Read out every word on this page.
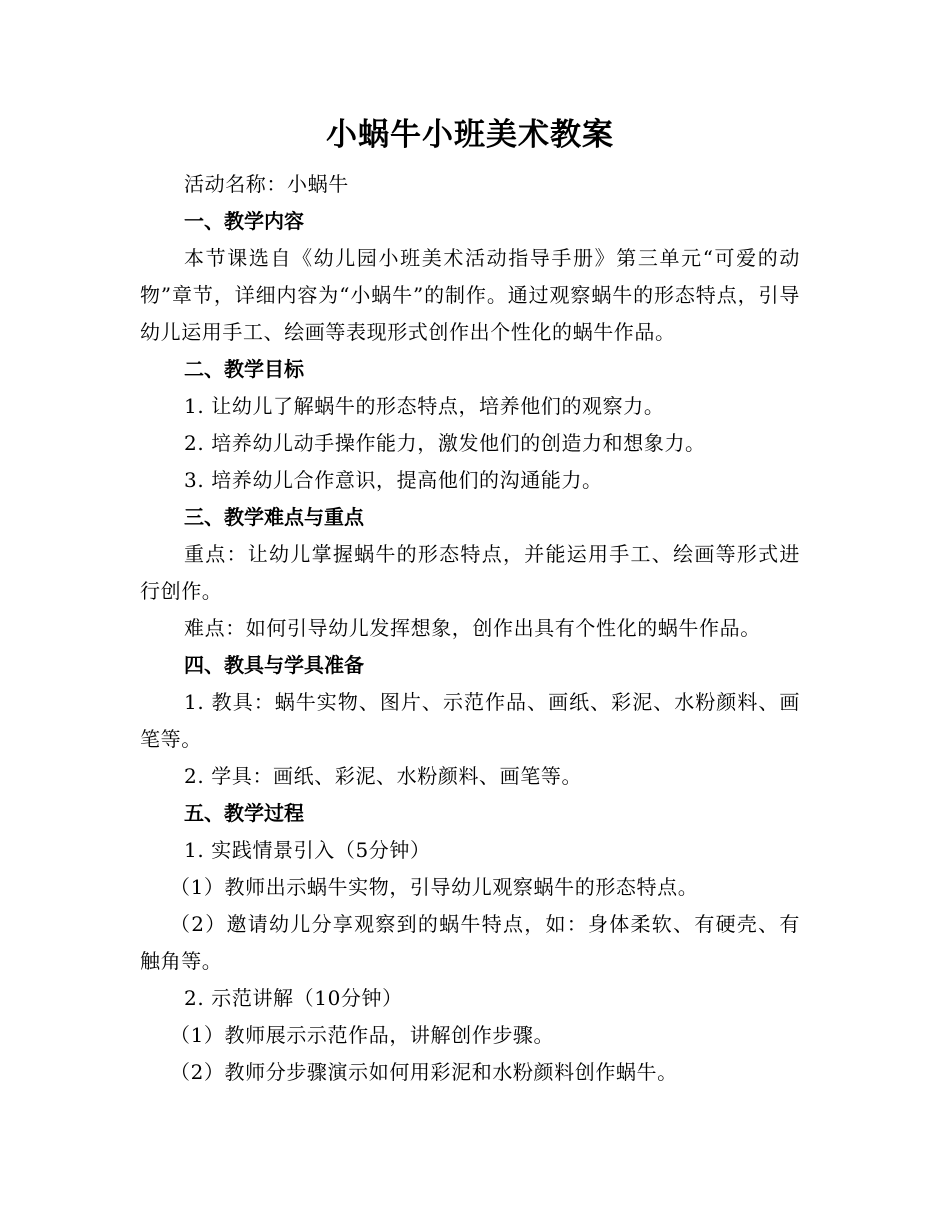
小蜗牛小班美术教案

活动名称：小蜗牛

一、教学内容

本节课选自《幼儿园小班美术活动指导手册》第三单元“可爱的动物”章节，详细内容为“小蜗牛”的制作。通过观察蜗牛的形态特点，引导幼儿运用手工、绘画等表现形式创作出个性化的蜗牛作品。

二、教学目标

1. 让幼儿了解蜗牛的形态特点，培养他们的观察力。

2. 培养幼儿动手操作能力，激发他们的创造力和想象力。

3. 培养幼儿合作意识，提高他们的沟通能力。

三、教学难点与重点

重点：让幼儿掌握蜗牛的形态特点，并能运用手工、绘画等形式进行创作。

难点：如何引导幼儿发挥想象，创作出具有个性化的蜗牛作品。

四、教具与学具准备

1. 教具：蜗牛实物、图片、示范作品、画纸、彩泥、水粉颜料、画笔等。

2. 学具：画纸、彩泥、水粉颜料、画笔等。

五、教学过程

1. 实践情景引入（5分钟）

（1）教师出示蜗牛实物，引导幼儿观察蜗牛的形态特点。

（2）邀请幼儿分享观察到的蜗牛特点，如：身体柔软、有硬壳、有触角等。

2. 示范讲解（10分钟）

（1）教师展示示范作品，讲解创作步骤。

（2）教师分步骤演示如何用彩泥和水粉颜料创作蜗牛。
